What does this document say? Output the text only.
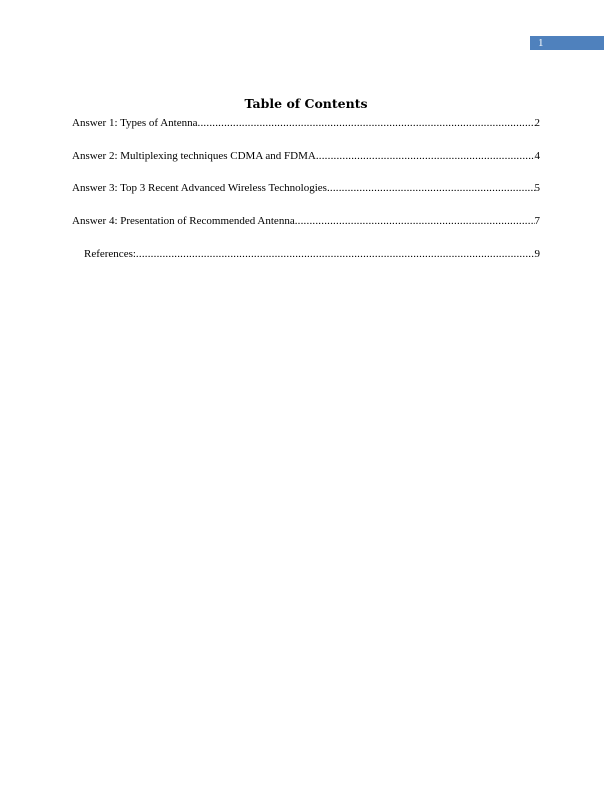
1
Table of Contents
Answer 1: Types of Antenna .....	2
Answer 2: Multiplexing techniques CDMA and FDMA .....	4
Answer 3: Top 3 Recent Advanced Wireless Technologies .....	5
Answer 4: Presentation of Recommended Antenna .....	7
References: .....	9
